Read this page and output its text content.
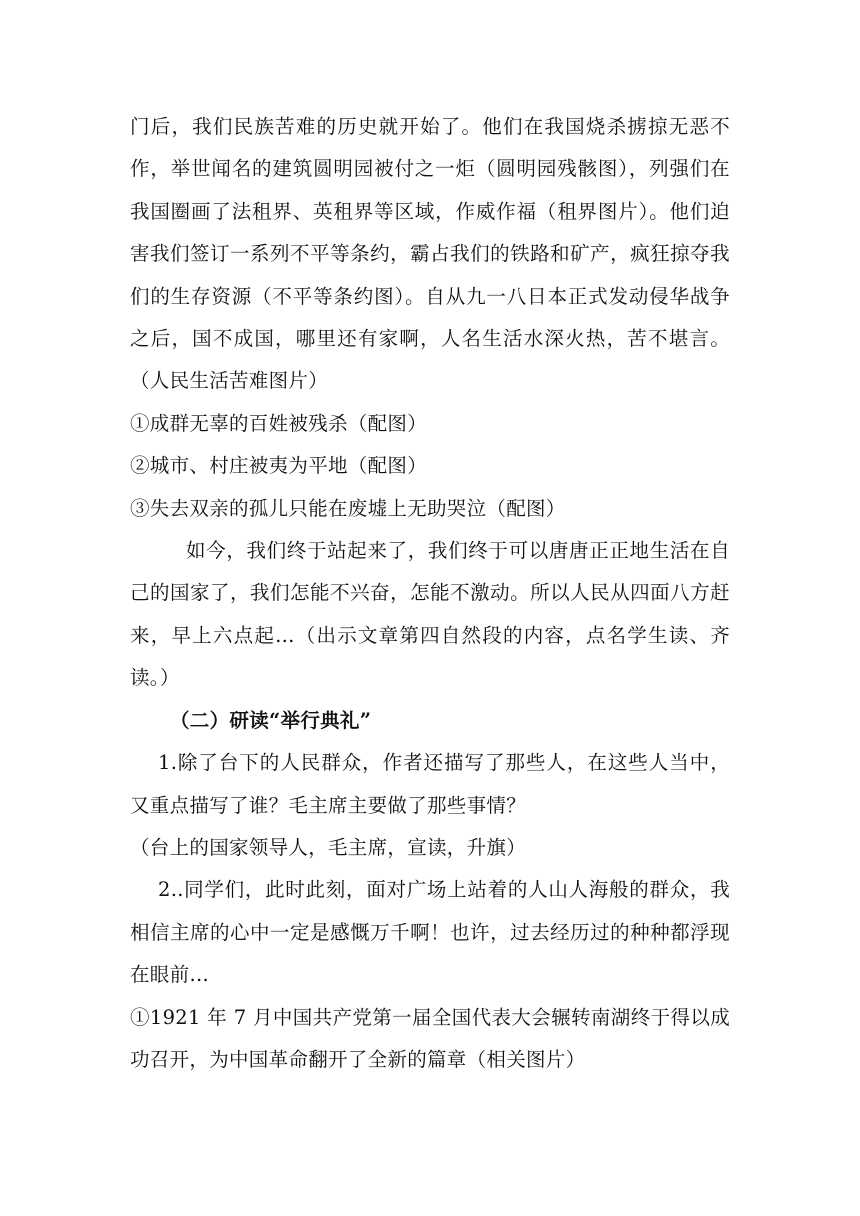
门后，我们民族苦难的历史就开始了。他们在我国烧杀掳掠无恶不作，举世闻名的建筑圆明园被付之一炬（圆明园残骸图），列强们在我国圈画了法租界、英租界等区域，作威作福（租界图片）。他们迫害我们签订一系列不平等条约，霸占我们的铁路和矿产，疯狂掠夺我们的生存资源（不平等条约图）。自从九一八日本正式发动侵华战争之后，国不成国，哪里还有家啊，人名生活水深火热，苦不堪言。（人民生活苦难图片）

①成群无辜的百姓被残杀（配图）

②城市、村庄被夷为平地（配图）

③失去双亲的孤儿只能在废墟上无助哭泣（配图）

如今，我们终于站起来了，我们终于可以唐唐正正地生活在自己的国家了，我们怎能不兴奋，怎能不激动。所以人民从四面八方赶来，早上六点起…（出示文章第四自然段的内容，点名学生读、齐读。）

（二）研读“举行典礼”

1.除了台下的人民群众，作者还描写了那些人，在这些人当中，又重点描写了谁？毛主席主要做了那些事情？

（台上的国家领导人，毛主席，宣读，升旗）

2..同学们，此时此刻，面对广场上站着的人山人海般的群众，我相信主席的心中一定是感慨万千啊！也许，过去经历过的种种都浮现在眼前…

①1921 年 7 月中国共产党第一届全国代表大会辗转南湖终于得以成功召开，为中国革命翻开了全新的篇章（相关图片）
